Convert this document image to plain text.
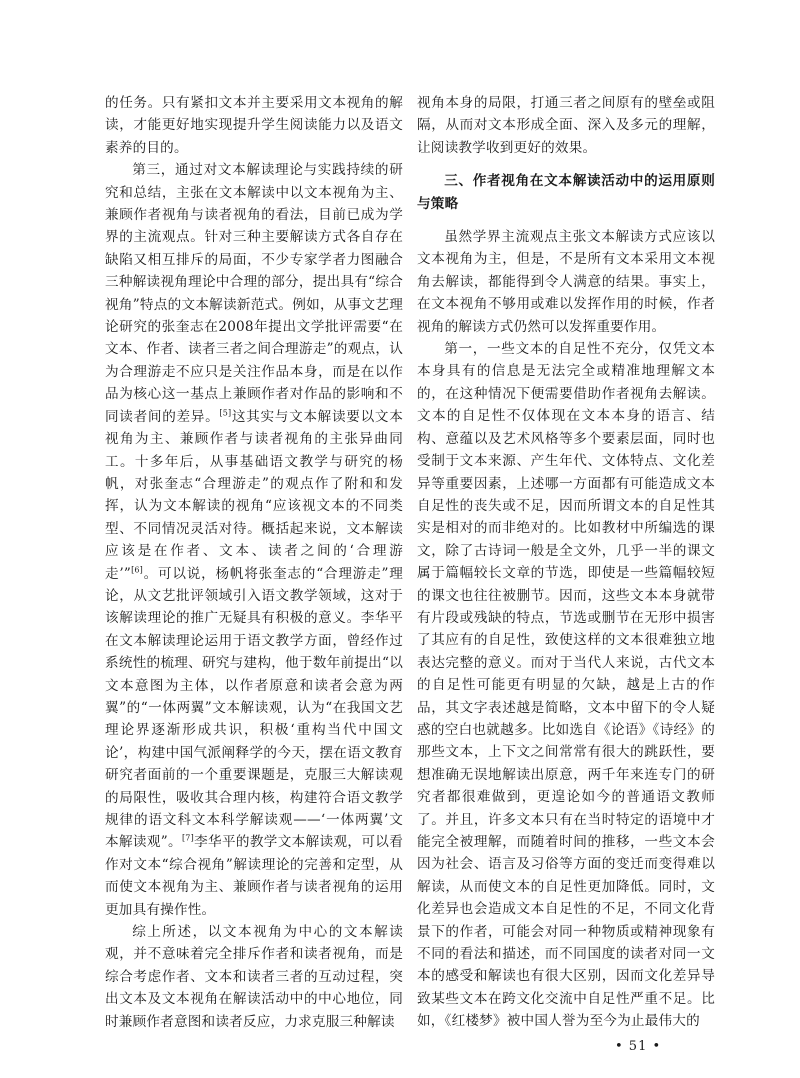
的任务。只有紧扣文本并主要采用文本视角的解读，才能更好地实现提升学生阅读能力以及语文素养的目的。

第三，通过对文本解读理论与实践持续的研究和总结，主张在文本解读中以文本视角为主、兼顾作者视角与读者视角的看法，目前已成为学界的主流观点。针对三种主要解读方式各自存在缺陷又相互排斥的局面，不少专家学者力图融合三种解读视角理论中合理的部分，提出具有“综合视角”特点的文本解读新范式。例如，从事文艺理论研究的张奎志在2008年提出文学批评需要“在文本、作者、读者三者之间合理游走”的观点，认为合理游走不应只是关注作品本身，而是在以作品为核心这一基点上兼顾作者对作品的影响和不同读者间的差异。[5]这其实与文本解读要以文本视角为主、兼顾作者与读者视角的主张异曲同工。十多年后，从事基础语文教学与研究的杨帆，对张奎志“合理游走”的观点作了附和和发挥，认为文本解读的视角“应该视文本的不同类型、不同情况灵活对待。概括起来说，文本解读应该是在作者、文本、读者之间的‘合理游走’”[6]。可以说，杨帆将张奎志的“合理游走”理论，从文艺批评领域引入语文教学领域，这对于该解读理论的推广无疑具有积极的意义。李华平在文本解读理论运用于语文教学方面，曾经作过系统性的梳理、研究与建构，他于数年前提出“以文本意图为主体，以作者原意和读者会意为两翼”的“一体两翼”文本解读观，认为“在我国文艺理论界逐渐形成共识，积极‘重构当代中国文论’，构建中国气派阐释学的今天，摆在语文教育研究者面前的一个重要课题是，克服三大解读观的局限性，吸收其合理内核，构建符合语文教学规律的语文科文本科学解读观——‘一体两翼’文本解读观”。[7]李华平的教学文本解读观，可以看作对文本“综合视角”解读理论的完善和定型，从而使文本视角为主、兼顾作者与读者视角的运用更加具有操作性。

综上所述，以文本视角为中心的文本解读观，并不意味着完全排斥作者和读者视角，而是综合考虑作者、文本和读者三者的互动过程，突出文本及文本视角在解读活动中的中心地位，同时兼顾作者意图和读者反应，力求克服三种解读

视角本身的局限，打通三者之间原有的壁垒或阻隔，从而对文本形成全面、深入及多元的理解，让阅读教学收到更好的效果。

三、作者视角在文本解读活动中的运用原则与策略

虽然学界主流观点主张文本解读方式应该以文本视角为主，但是，不是所有文本采用文本视角去解读，都能得到令人满意的结果。事实上，在文本视角不够用或难以发挥作用的时候，作者视角的解读方式仍然可以发挥重要作用。

第一，一些文本的自足性不充分，仅凭文本本身具有的信息是无法完全或精准地理解文本的，在这种情况下便需要借助作者视角去解读。文本的自足性不仅体现在文本本身的语言、结构、意蕴以及艺术风格等多个要素层面，同时也受制于文本来源、产生年代、文体特点、文化差异等重要因素，上述哪一方面都有可能造成文本自足性的丧失或不足，因而所谓文本的自足性其实是相对的而非绝对的。比如教材中所编选的课文，除了古诗词一般是全文外，几乎一半的课文属于篇幅较长文章的节选，即使是一些篇幅较短的课文也往往被删节。因而，这些文本本身就带有片段或残缺的特点，节选或删节在无形中损害了其应有的自足性，致使这样的文本很难独立地表达完整的意义。而对于当代人来说，古代文本的自足性可能更有明显的欠缺，越是上古的作品，其文字表述越是简略，文本中留下的令人疑惑的空白也就越多。比如选自《论语》《诗经》的那些文本，上下文之间常常有很大的跳跃性，要想准确无误地解读出原意，两千年来连专门的研究者都很难做到，更遑论如今的普通语文教师了。并且，许多文本只有在当时特定的语境中才能完全被理解，而随着时间的推移，一些文本会因为社会、语言及习俗等方面的变迁而变得难以解读，从而使文本的自足性更加降低。同时，文化差异也会造成文本自足性的不足，不同文化背景下的作者，可能会对同一种物质或精神现象有不同的看法和描述，而不同国度的读者对同一文本的感受和解读也有很大区别，因而文化差异导致某些文本在跨文化交流中自足性严重不足。比如，《红楼梦》被中国人誉为至今为止最伟大的

• 51 •
